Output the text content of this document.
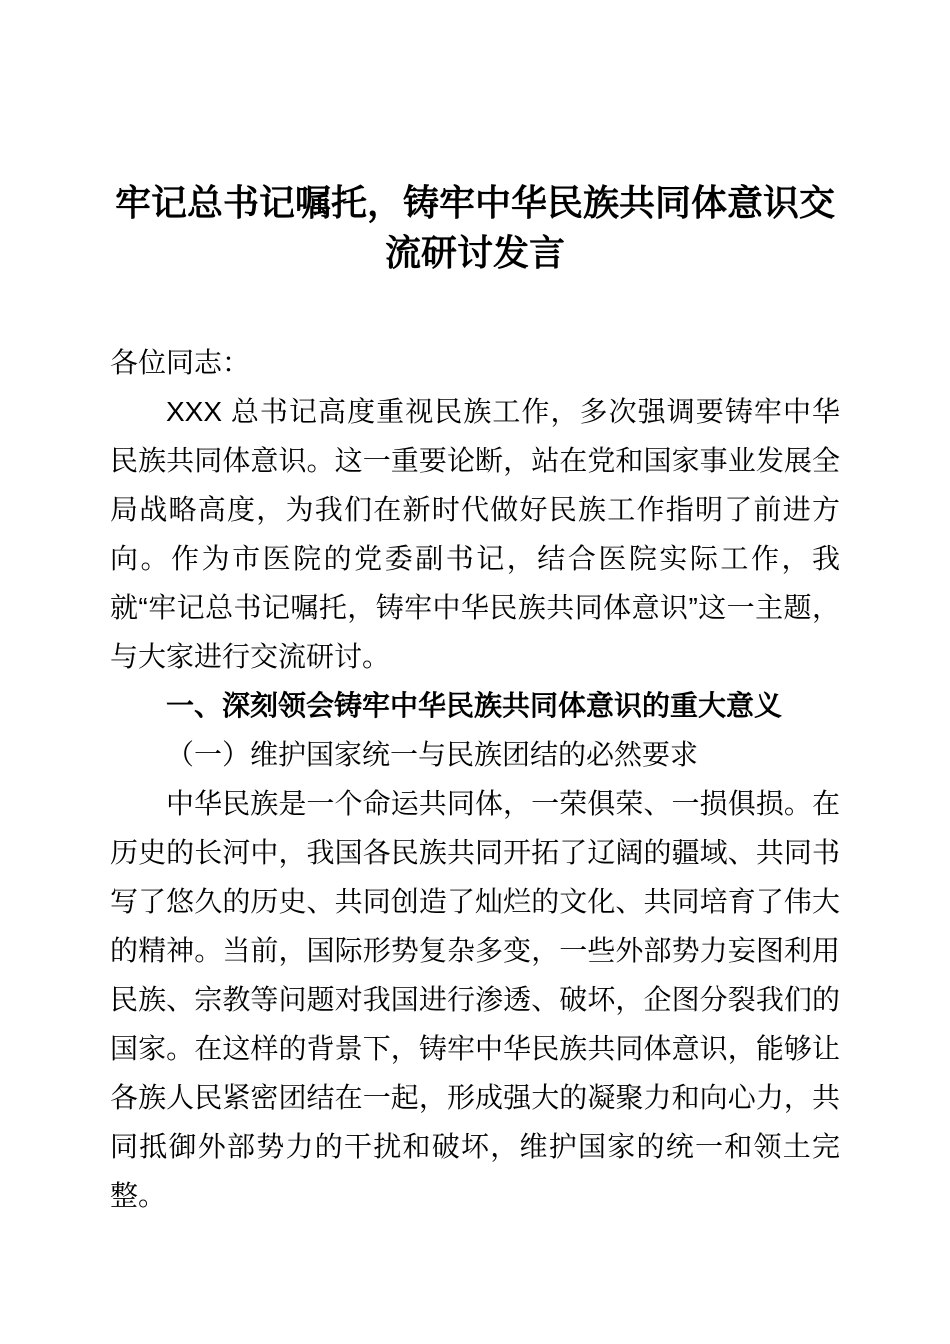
牢记总书记嘱托，铸牢中华民族共同体意识交流研讨发言

各位同志：

XXX 总书记高度重视民族工作，多次强调要铸牢中华民族共同体意识。这一重要论断，站在党和国家事业发展全局战略高度，为我们在新时代做好民族工作指明了前进方向。作为市医院的党委副书记，结合医院实际工作，我就“牢记总书记嘱托，铸牢中华民族共同体意识”这一主题，与大家进行交流研讨。

一、深刻领会铸牢中华民族共同体意识的重大意义

（一）维护国家统一与民族团结的必然要求

中华民族是一个命运共同体，一荣俱荣、一损俱损。在历史的长河中，我国各民族共同开拓了辽阔的疆域、共同书写了悠久的历史、共同创造了灿烂的文化、共同培育了伟大的精神。当前，国际形势复杂多变，一些外部势力妄图利用民族、宗教等问题对我国进行渗透、破坏，企图分裂我们的国家。在这样的背景下，铸牢中华民族共同体意识，能够让各族人民紧密团结在一起，形成强大的凝聚力和向心力，共同抵御外部势力的干扰和破坏，维护国家的统一和领土完整。
